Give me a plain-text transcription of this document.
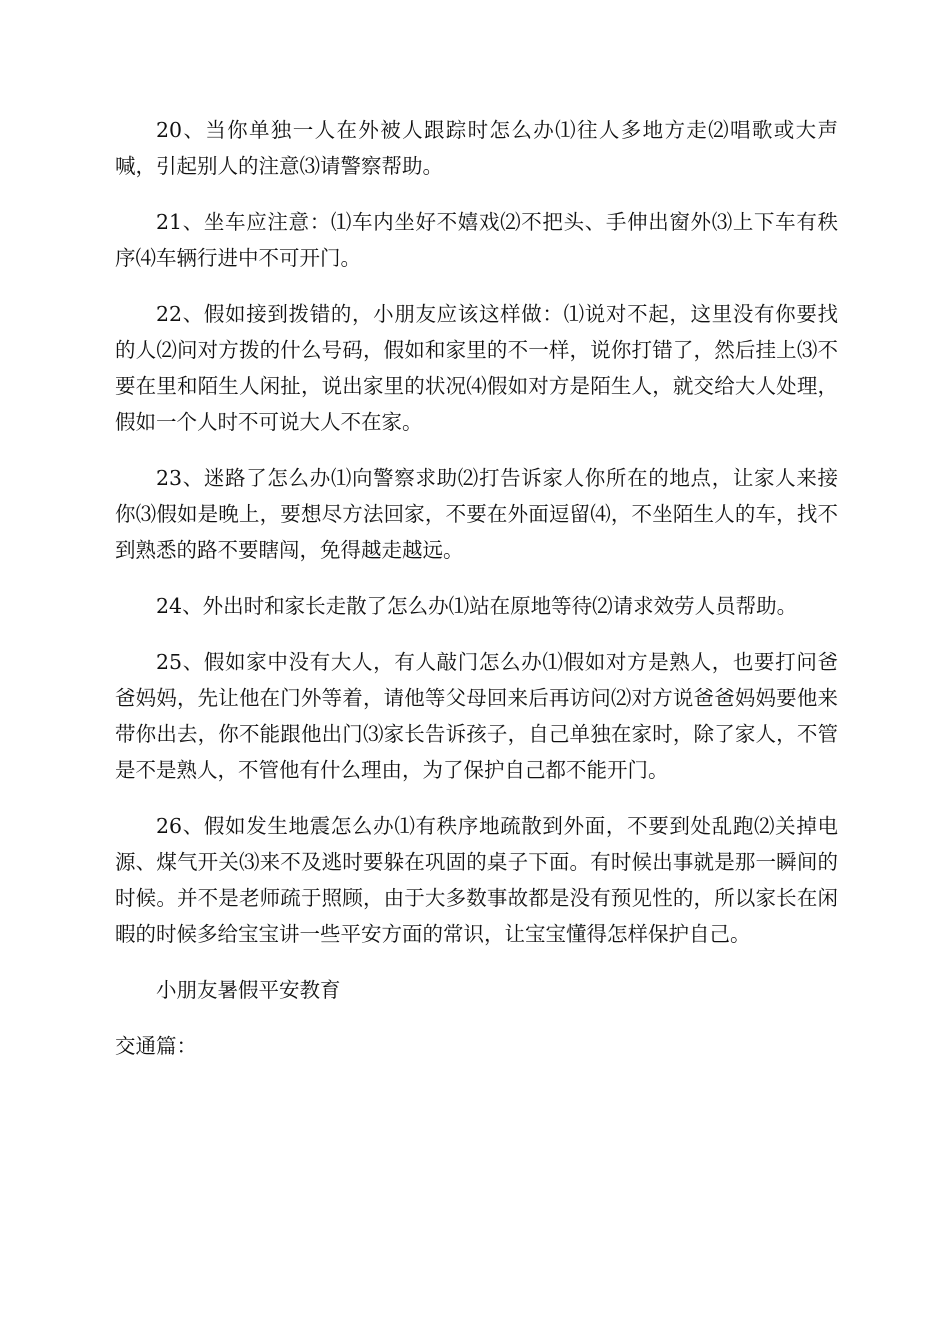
20、当你单独一人在外被人跟踪时怎么办⑴往人多地方走⑵唱歌或大声喊，引起别人的注意⑶请警察帮助。

21、坐车应注意：⑴车内坐好不嬉戏⑵不把头、手伸出窗外⑶上下车有秩序⑷车辆行进中不可开门。

22、假如接到拨错的，小朋友应该这样做：⑴说对不起，这里没有你要找的人⑵问对方拨的什么号码，假如和家里的不一样，说你打错了，然后挂上⑶不要在里和陌生人闲扯，说出家里的状况⑷假如对方是陌生人，就交给大人处理，假如一个人时不可说大人不在家。

23、迷路了怎么办⑴向警察求助⑵打告诉家人你所在的地点，让家人来接你⑶假如是晚上，要想尽方法回家，不要在外面逗留⑷，不坐陌生人的车，找不到熟悉的路不要瞎闯，免得越走越远。

24、外出时和家长走散了怎么办⑴站在原地等待⑵请求效劳人员帮助。

25、假如家中没有大人，有人敲门怎么办⑴假如对方是熟人，也要打问爸爸妈妈，先让他在门外等着，请他等父母回来后再访问⑵对方说爸爸妈妈要他来带你出去，你不能跟他出门⑶家长告诉孩子，自己单独在家时，除了家人，不管是不是熟人，不管他有什么理由，为了保护自己都不能开门。

26、假如发生地震怎么办⑴有秩序地疏散到外面，不要到处乱跑⑵关掉电源、煤气开关⑶来不及逃时要躲在巩固的桌子下面。有时候出事就是那一瞬间的时候。并不是老师疏于照顾，由于大多数事故都是没有预见性的，所以家长在闲暇的时候多给宝宝讲一些平安方面的常识，让宝宝懂得怎样保护自己。

小朋友暑假平安教育

交通篇：
